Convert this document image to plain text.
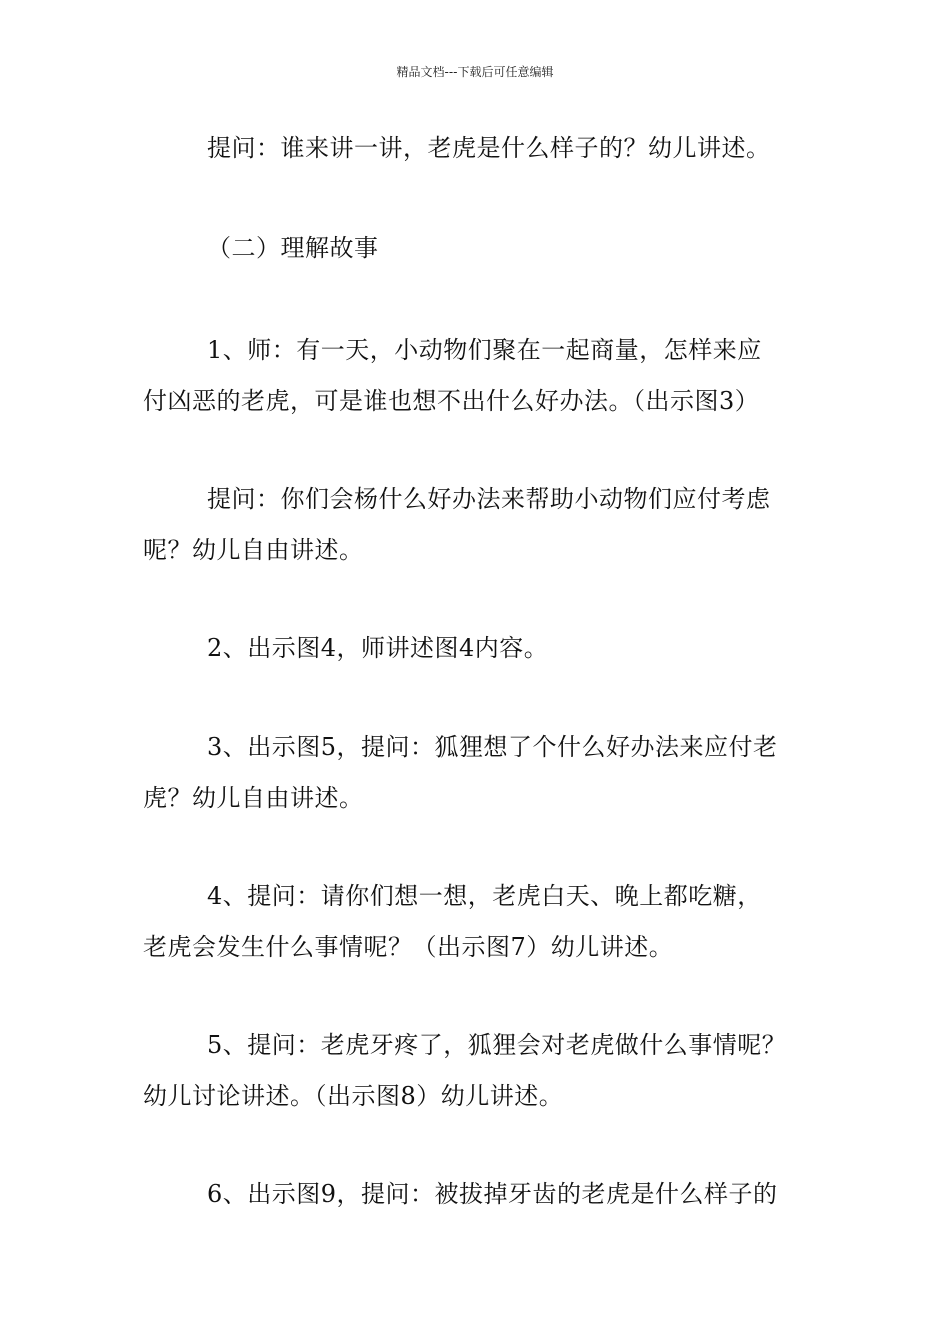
精品文档---下载后可任意编辑
提问：谁来讲一讲，老虎是什么样子的？幼儿讲述。
（二）理解故事
1、师：有一天，小动物们聚在一起商量，怎样来应
付凶恶的老虎，可是谁也想不出什么好办法。（出示图3）
提问：你们会杨什么好办法来帮助小动物们应付考虑
呢？幼儿自由讲述。
2、出示图4，师讲述图4内容。
3、出示图5，提问：狐狸想了个什么好办法来应付老
虎？幼儿自由讲述。
4、提问：请你们想一想，老虎白天、晚上都吃糖，
老虎会发生什么事情呢？（出示图7）幼儿讲述。
5、提问：老虎牙疼了，狐狸会对老虎做什么事情呢？
幼儿讨论讲述。（出示图8）幼儿讲述。
6、出示图9，提问：被拔掉牙齿的老虎是什么样子的
